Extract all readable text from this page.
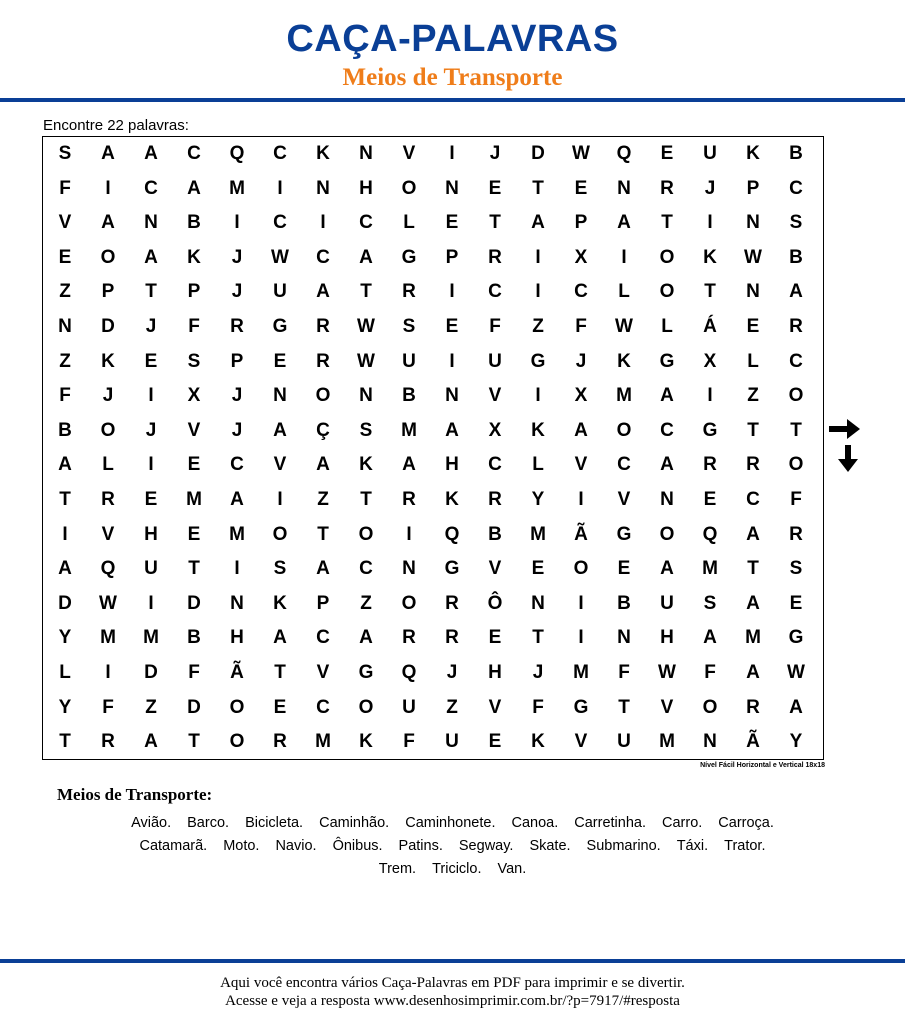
CAÇA-PALAVRAS
Meios de Transporte
Encontre 22 palavras:
S	A	A	C	Q	C	K	N	V	I	J	D	W	Q	E	U	K	B
F	I	C	A	M	I	N	H	O	N	E	T	E	N	R	J	P	C
V	A	N	B	I	C	I	C	L	E	T	A	P	A	T	I	N	S
E	O	A	K	J	W	C	A	G	P	R	I	X	I	O	K	W	B
Z	P	T	P	J	U	A	T	R	I	C	I	C	L	O	T	N	A
N	D	J	F	R	G	R	W	S	E	F	Z	F	W	L	Á	E	R
Z	K	E	S	P	E	R	W	U	I	U	G	J	K	G	X	L	C
F	J	I	X	J	N	O	N	B	N	V	I	X	M	A	I	Z	O
B	O	J	V	J	A	Ç	S	M	A	X	K	A	O	C	G	T	T
A	L	I	E	C	V	A	K	A	H	C	L	V	C	A	R	R	O
T	R	E	M	A	I	Z	T	R	K	R	Y	I	V	N	E	C	F
I	V	H	E	M	O	T	O	I	Q	B	M	Ã	G	O	Q	A	R
A	Q	U	T	I	S	A	C	N	G	V	E	O	E	A	M	T	S
D	W	I	D	N	K	P	Z	O	R	Ô	N	I	B	U	S	A	E
Y	M	M	B	H	A	C	A	R	R	E	T	I	N	H	A	M	G
L	I	D	F	Ã	T	V	G	Q	J	H	J	M	F	W	F	A	W
Y	F	Z	D	O	E	C	O	U	Z	V	F	G	T	V	O	R	A
T	R	A	T	O	R	M	K	F	U	E	K	V	U	M	N	Ã	Y
Nível Fácil Horizontal e Vertical 18x18
Meios de Transporte:
Avião. Barco. Bicicleta. Caminhão. Caminhonete. Canoa. Carretinha. Carro. Carroça.
Catamarã. Moto. Navio. Ônibus. Patins. Segway. Skate. Submarino. Táxi. Trator.
Trem. Triciclo. Van.
Aqui você encontra vários Caça-Palavras em PDF para imprimir e se divertir.
Acesse e veja a resposta www.desenhosimprimir.com.br/?p=7917/#resposta
